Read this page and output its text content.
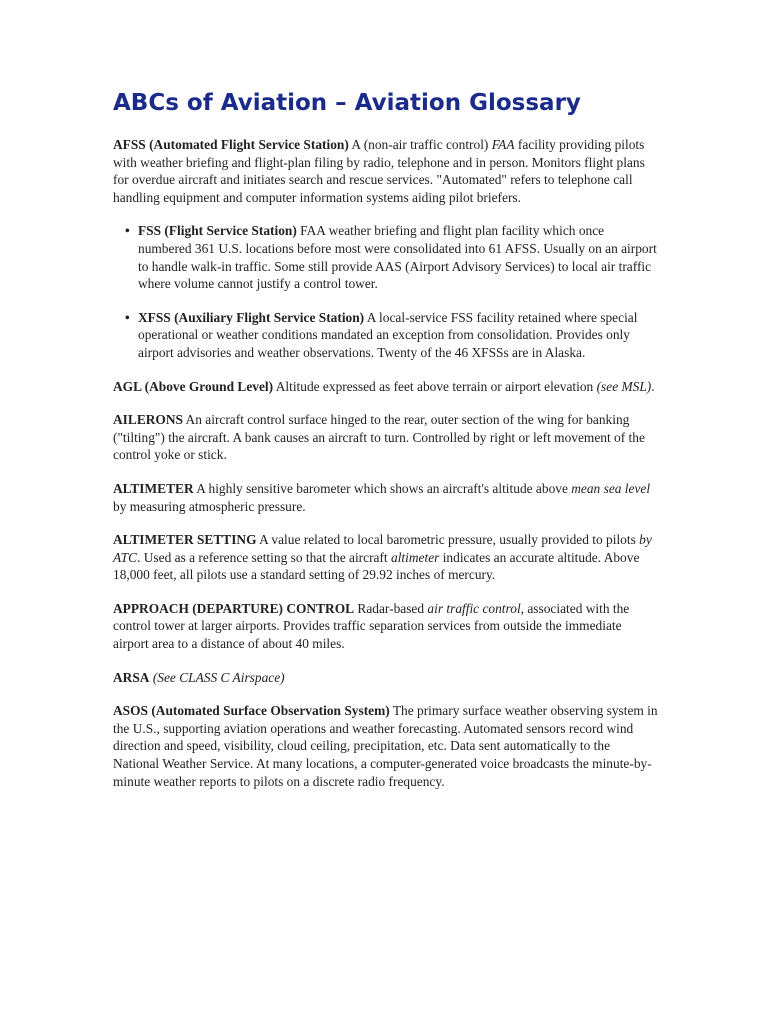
ABCs of Aviation – Aviation Glossary

AFSS (Automated Flight Service Station) A (non-air traffic control) FAA facility providing pilots with weather briefing and flight-plan filing by radio, telephone and in person. Monitors flight plans for overdue aircraft and initiates search and rescue services. "Automated" refers to telephone call handling equipment and computer information systems aiding pilot briefers.

• FSS (Flight Service Station) FAA weather briefing and flight plan facility which once numbered 361 U.S. locations before most were consolidated into 61 AFSS. Usually on an airport to handle walk-in traffic. Some still provide AAS (Airport Advisory Services) to local air traffic where volume cannot justify a control tower.
• XFSS (Auxiliary Flight Service Station) A local-service FSS facility retained where special operational or weather conditions mandated an exception from consolidation. Provides only airport advisories and weather observations. Twenty of the 46 XFSSs are in Alaska.

AGL (Above Ground Level) Altitude expressed as feet above terrain or airport elevation (see MSL).

AILERONS An aircraft control surface hinged to the rear, outer section of the wing for banking ("tilting") the aircraft. A bank causes an aircraft to turn. Controlled by right or left movement of the control yoke or stick.

ALTIMETER A highly sensitive barometer which shows an aircraft's altitude above mean sea level by measuring atmospheric pressure.

ALTIMETER SETTING A value related to local barometric pressure, usually provided to pilots by ATC. Used as a reference setting so that the aircraft altimeter indicates an accurate altitude. Above 18,000 feet, all pilots use a standard setting of 29.92 inches of mercury.

APPROACH (DEPARTURE) CONTROL Radar-based air traffic control, associated with the control tower at larger airports. Provides traffic separation services from outside the immediate airport area to a distance of about 40 miles.

ARSA (See CLASS C Airspace)

ASOS (Automated Surface Observation System) The primary surface weather observing system in the U.S., supporting aviation operations and weather forecasting. Automated sensors record wind direction and speed, visibility, cloud ceiling, precipitation, etc. Data sent automatically to the National Weather Service. At many locations, a computer-generated voice broadcasts the minute-by-minute weather reports to pilots on a discrete radio frequency.
